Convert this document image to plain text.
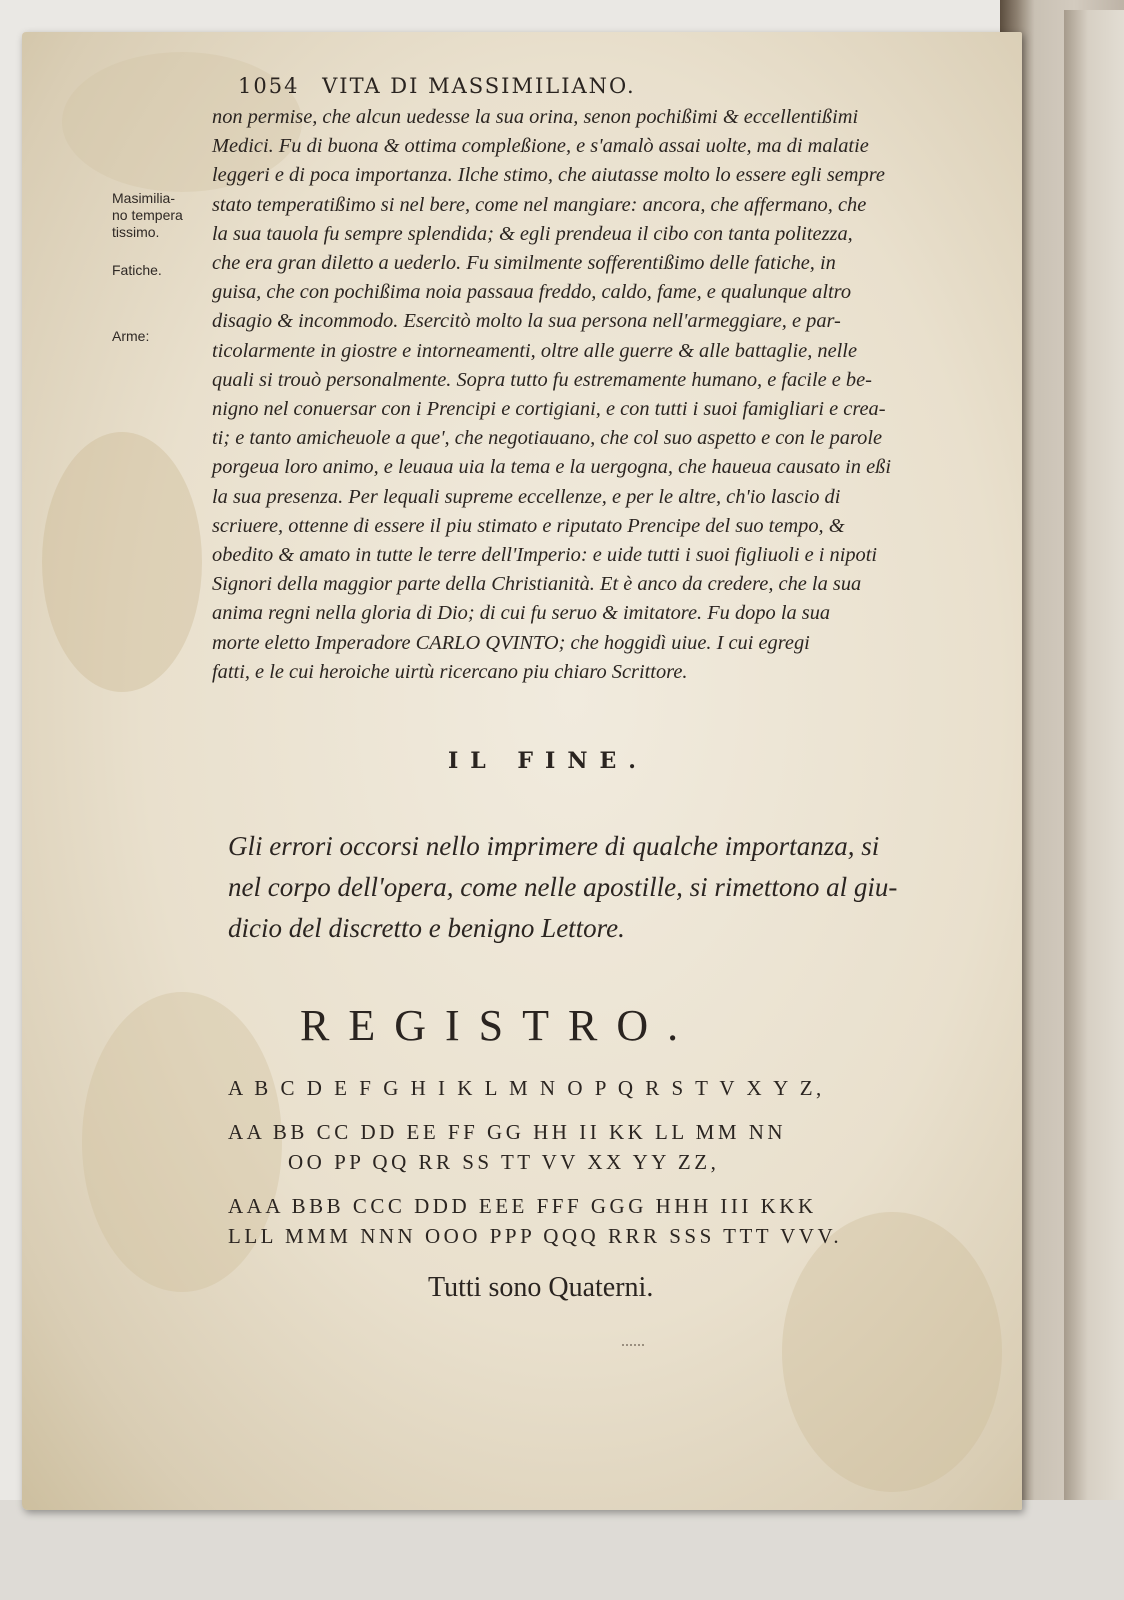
1054 VITA DI MASSIMILIANO.
Masimilia-
no tempera
tissimo.
Fatiche.
Arme:
non permise, che alcun uedesse la sua orina, senon pochißimi & eccellentißimi
Medici. Fu di buona & ottima compleßione, e s'amalò assai uolte, ma di malatie
leggeri e di poca importanza. Ilche stimo, che aiutasse molto lo essere egli sempre
stato temperatißimo si nel bere, come nel mangiare: ancora, che affermano, che
la sua tauola fu sempre splendida; & egli prendeua il cibo con tanta politezza,
che era gran diletto a uederlo. Fu similmente sofferentißimo delle fatiche, in
guisa, che con pochißima noia passaua freddo, caldo, fame, e qualunque altro
disagio & incommodo. Esercitò molto la sua persona nell'armeggiare, e par-
ticolarmente in giostre e intorneamenti, oltre alle guerre & alle battaglie, nelle
quali si trouò personalmente. Sopra tutto fu estremamente humano, e facile e be-
nigno nel conuersar con i Prencipi e cortigiani, e con tutti i suoi famigliari e crea-
ti; e tanto amicheuole a que', che negotiauano, che col suo aspetto e con le parole
porgeua loro animo, e leuaua uia la tema e la uergogna, che haueua causato in eßi
la sua presenza. Per lequali supreme eccellenze, e per le altre, ch'io lascio di
scriuere, ottenne di essere il piu stimato e riputato Prencipe del suo tempo, &
obedito & amato in tutte le terre dell'Imperio: e uide tutti i suoi figliuoli e i nipoti
Signori della maggior parte della Christianità. Et è anco da credere, che la sua
anima regni nella gloria di Dio; di cui fu seruo & imitatore. Fu dopo la sua
morte eletto Imperadore CARLO QVINTO; che hoggidì uiue. I cui egregi
fatti, e le cui heroiche uirtù ricercano piu chiaro Scrittore.
IL FINE.
Gli errori occorsi nello imprimere di qualche importanza, si
nel corpo dell'opera, come nelle apostille, si rimettono al giu-
dicio del discretto e benigno Lettore.
REGISTRO.
A B C D E F G H I K L M N O P Q R S T V X Y Z,
AA BB CC DD EE FF GG HH II KK LL MM NN
OO PP QQ RR SS TT VV XX YY ZZ,
AAA BBB CCC DDD EEE FFF GGG HHH III KKK
LLL MMM NNN OOO PPP QQQ RRR SSS TTT VVV.
Tutti sono Quaterni.
